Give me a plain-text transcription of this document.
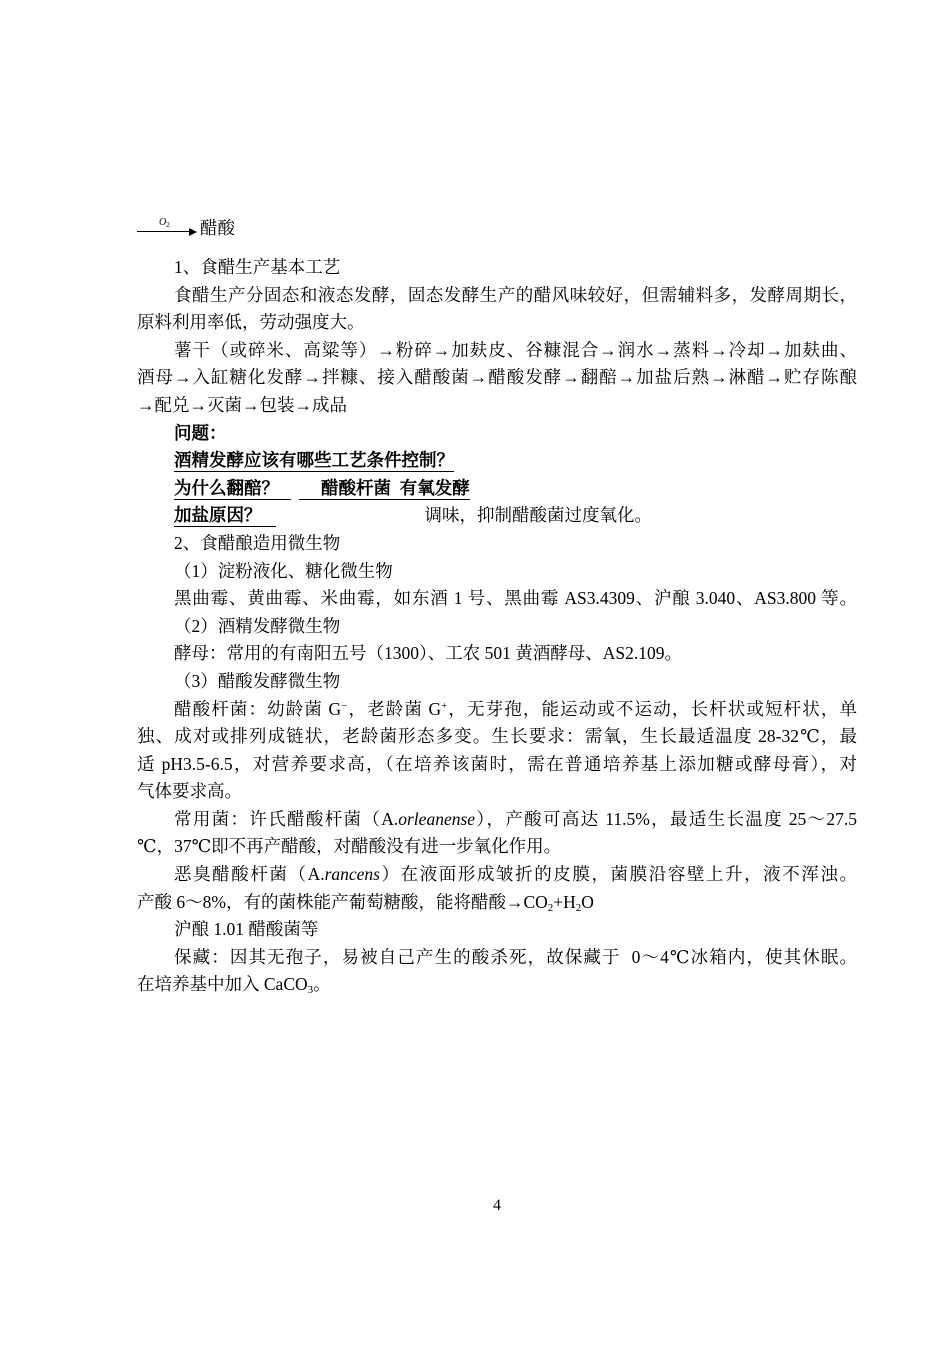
$O_2$ 醋酸
1、食醋生产基本工艺
食醋生产分固态和液态发酵，固态发酵生产的醋风味较好，但需辅料多，发酵周期长，
原料利用率低，劳动强度大。
薯干（或碎米、高粱等）→粉碎→加麸皮、谷糠混合→润水→蒸料→冷却→加麸曲、
酒母→入缸糖化发酵→拌糠、接入醋酸菌→醋酸发酵→翻醅→加盐后熟→淋醋→贮存陈酿
→配兑→灭菌→包装→成品
问题：
酒精发酵应该有哪些工艺条件控制？
为什么翻醅？ 醋酸杆菌  有氧发酵
加盐原因？	调味，抑制醋酸菌过度氧化。
2、食醋酿造用微生物
（1）淀粉液化、糖化微生物
黑曲霉、黄曲霉、米曲霉，如东酒 1 号、黑曲霉 AS3.4309、沪酿 3.040、AS3.800 等。
（2）酒精发酵微生物
酵母：常用的有南阳五号（1300）、工农 501 黄酒酵母、AS2.109。
（3）醋酸发酵微生物
醋酸杆菌：幼龄菌 G−，老龄菌 G+，无芽孢，能运动或不运动，长杆状或短杆状，单
独、成对或排列成链状，老龄菌形态多变。生长要求：需氧，生长最适温度 28-32℃，最
适 pH3.5-6.5，对营养要求高，（在培养该菌时，需在普通培养基上添加糖或酵母膏），对
气体要求高。
常用菌：许氏醋酸杆菌（A.orleanense），产酸可高达 11.5%，最适生长温度 25～27.5
℃，37℃即不再产醋酸，对醋酸没有进一步氧化作用。
恶臭醋酸杆菌（A.rancens）在液面形成皱折的皮膜，菌膜沿容壁上升，液不浑浊。
产酸 6～8%，有的菌株能产葡萄糖酸，能将醋酸$\to CO_2+H_2O$
沪酿 1.01 醋酸菌等
保藏：因其无孢子，易被自己产生的酸杀死，故保藏于  0～4℃冰箱内，使其休眠。
在培养基中加入 CaCO$_3$。
4
